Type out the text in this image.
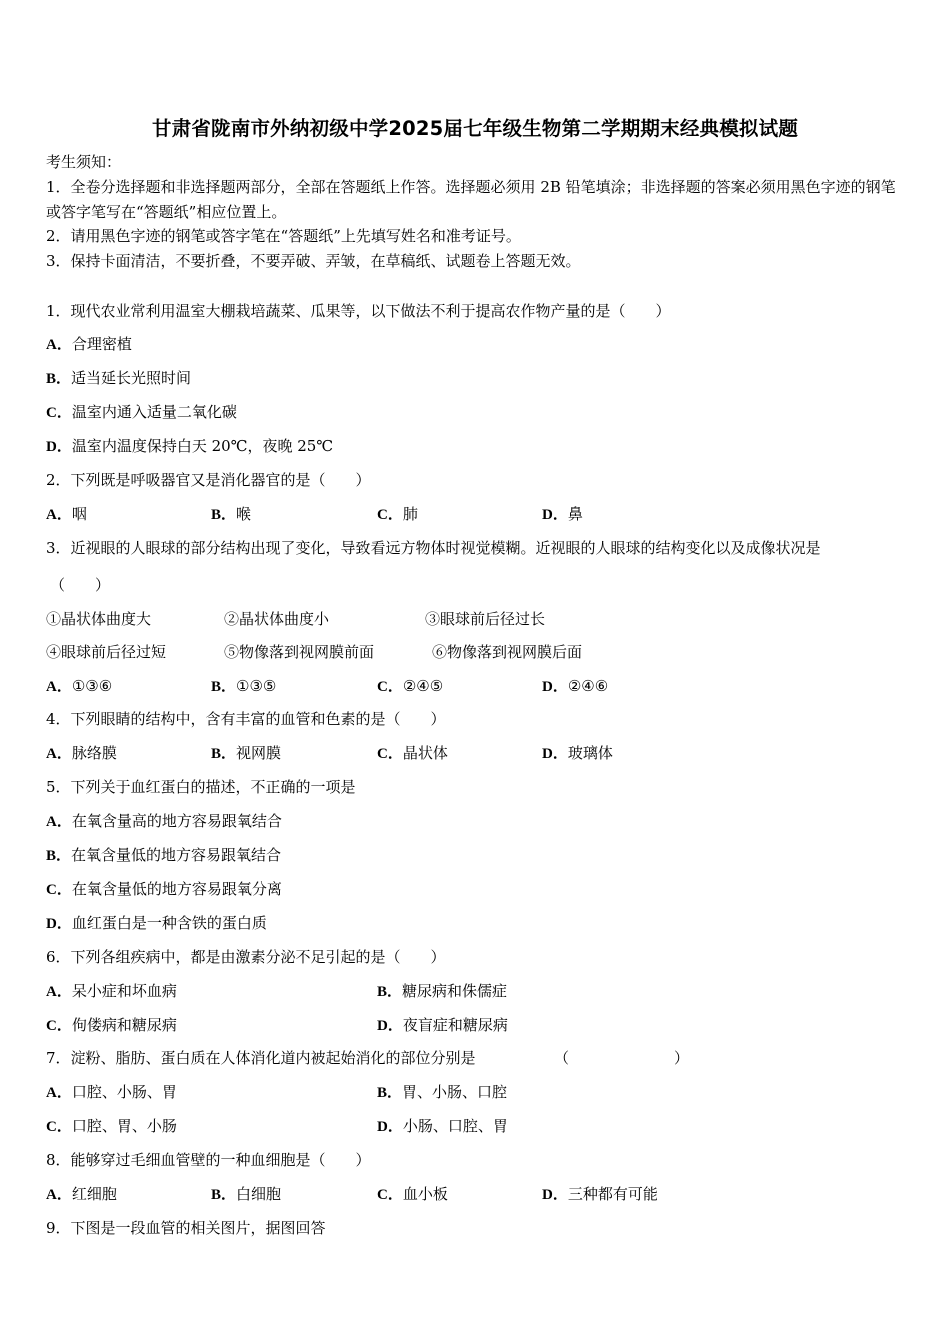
甘肃省陇南市外纳初级中学2025届七年级生物第二学期期末经典模拟试题
考生须知：
1．全卷分选择题和非选择题两部分，全部在答题纸上作答。选择题必须用 2B 铅笔填涂；非选择题的答案必须用黑色字迹的钢笔或答字笔写在“答题纸”相应位置上。
2．请用黑色字迹的钢笔或答字笔在“答题纸”上先填写姓名和准考证号。
3．保持卡面清洁，不要折叠，不要弄破、弄皱，在草稿纸、试题卷上答题无效。
1．现代农业常利用温室大棚栽培蔬菜、瓜果等，以下做法不利于提高农作物产量的是（　　）
A．合理密植
B．适当延长光照时间
C．温室内通入适量二氧化碳
D．温室内温度保持白天 20℃，夜晚 25℃
2．下列既是呼吸器官又是消化器官的是（　　）
A．咽	B．喉	C．肺	D．鼻
3．近视眼的人眼球的部分结构出现了变化，导致看远方物体时视觉模糊。近视眼的人眼球的结构变化以及成像状况是
（　　）
①晶状体曲度大	②晶状体曲度小	③眼球前后径过长
④眼球前后径过短	⑤物像落到视网膜前面	⑥物像落到视网膜后面
A．①③⑥	B．①③⑤	C．②④⑤	D．②④⑥
4．下列眼睛的结构中，含有丰富的血管和色素的是（　　）
A．脉络膜	B．视网膜	C．晶状体	D．玻璃体
5．下列关于血红蛋白的描述，不正确的一项是
A．在氧含量高的地方容易跟氧结合
B．在氧含量低的地方容易跟氧结合
C．在氧含量低的地方容易跟氧分离
D．血红蛋白是一种含铁的蛋白质
6．下列各组疾病中，都是由激素分泌不足引起的是（　　）
A．呆小症和坏血病	B．糖尿病和侏儒症
C．佝偻病和糖尿病	D．夜盲症和糖尿病
7．淀粉、脂肪、蛋白质在人体消化道内被起始消化的部位分别是	（　　　　　　　）
A．口腔、小肠、胃	B．胃、小肠、口腔
C．口腔、胃、小肠	D．小肠、口腔、胃
8．能够穿过毛细血管壁的一种血细胞是（　　）
A．红细胞	B．白细胞	C．血小板	D．三种都有可能
9．下图是一段血管的相关图片，据图回答
